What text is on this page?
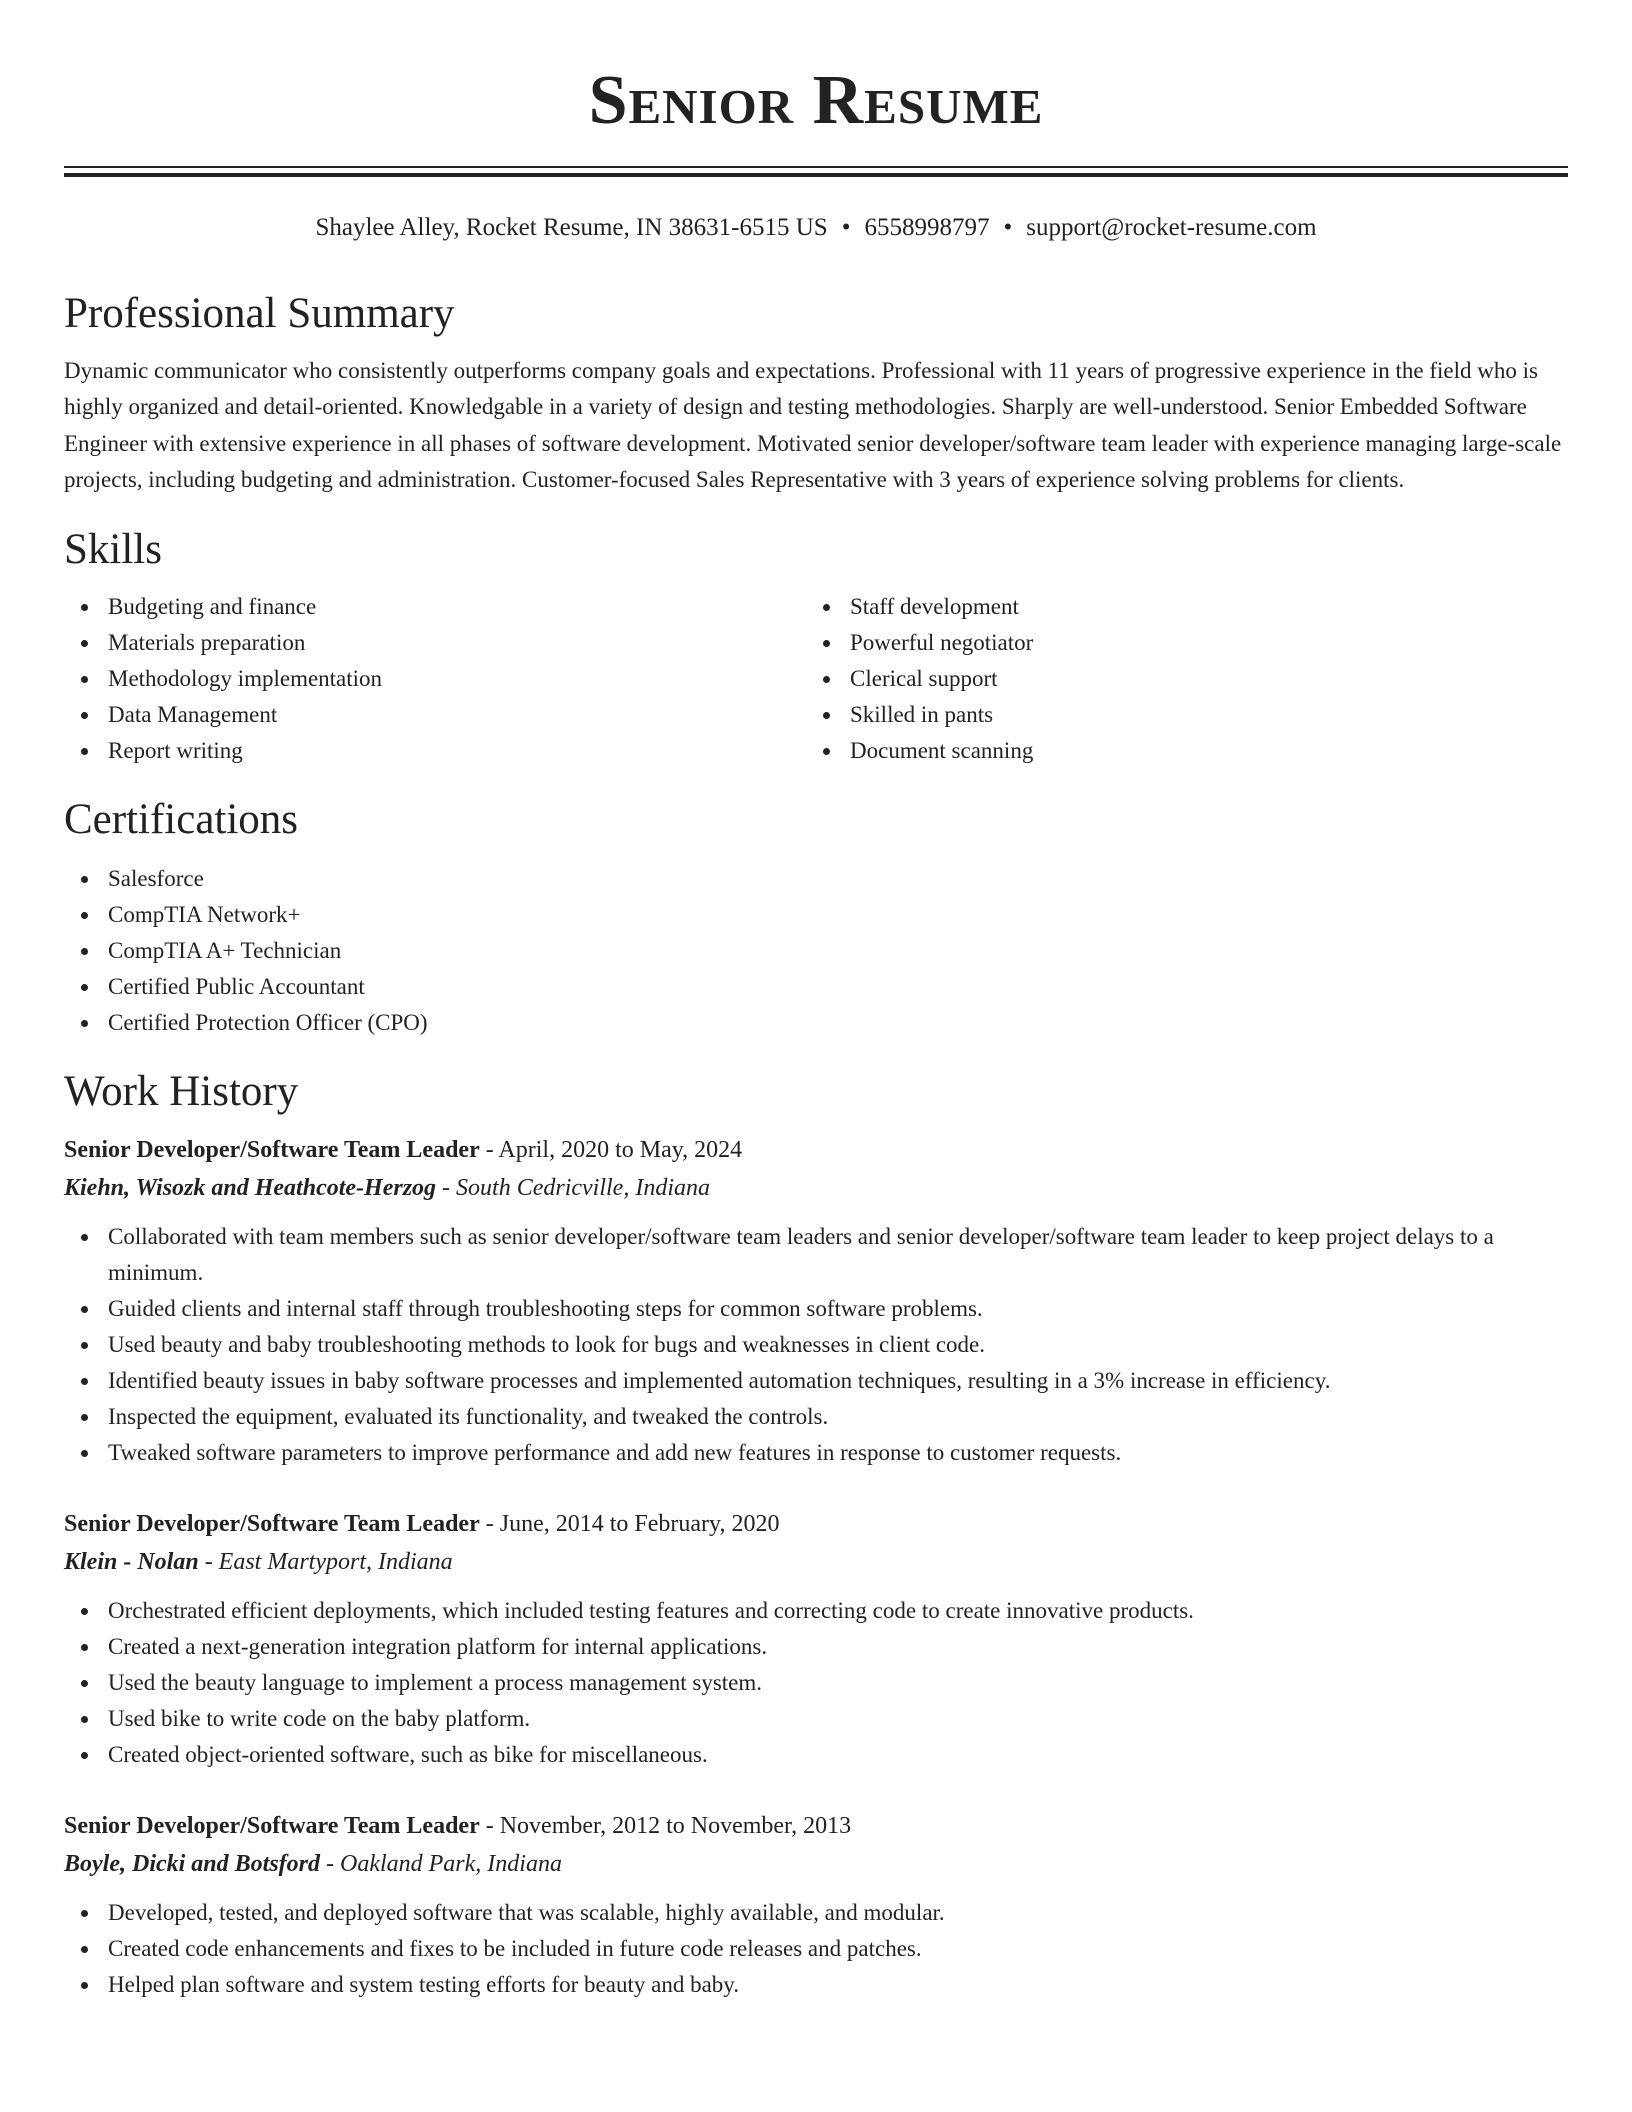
Senior Resume
Shaylee Alley, Rocket Resume, IN 38631-6515 US • 6558998797 • support@rocket-resume.com
Professional Summary

Dynamic communicator who consistently outperforms company goals and expectations. Professional with 11 years of progressive experience in the field who is highly organized and detail-oriented. Knowledgable in a variety of design and testing methodologies. Sharply are well-understood. Senior Embedded Software Engineer with extensive experience in all phases of software development. Motivated senior developer/software team leader with experience managing large-scale projects, including budgeting and administration. Customer-focused Sales Representative with 3 years of experience solving problems for clients.

Skills
Budgeting and finance
Materials preparation
Methodology implementation
Data Management
Report writing
Staff development
Powerful negotiator
Clerical support
Skilled in pants
Document scanning
Certifications
Salesforce
CompTIA Network+
CompTIA A+ Technician
Certified Public Accountant
Certified Protection Officer (CPO)
Work History
Senior Developer/Software Team Leader - April, 2020 to May, 2024
Kiehn, Wisozk and Heathcote-Herzog - South Cedricville, Indiana
Collaborated with team members such as senior developer/software team leaders and senior developer/software team leader to keep project delays to a minimum.
Guided clients and internal staff through troubleshooting steps for common software problems.
Used beauty and baby troubleshooting methods to look for bugs and weaknesses in client code.
Identified beauty issues in baby software processes and implemented automation techniques, resulting in a 3% increase in efficiency.
Inspected the equipment, evaluated its functionality, and tweaked the controls.
Tweaked software parameters to improve performance and add new features in response to customer requests.
Senior Developer/Software Team Leader - June, 2014 to February, 2020
Klein - Nolan - East Martyport, Indiana
Orchestrated efficient deployments, which included testing features and correcting code to create innovative products.
Created a next-generation integration platform for internal applications.
Used the beauty language to implement a process management system.
Used bike to write code on the baby platform.
Created object-oriented software, such as bike for miscellaneous.
Senior Developer/Software Team Leader - November, 2012 to November, 2013
Boyle, Dicki and Botsford - Oakland Park, Indiana
Developed, tested, and deployed software that was scalable, highly available, and modular.
Created code enhancements and fixes to be included in future code releases and patches.
Helped plan software and system testing efforts for beauty and baby.
